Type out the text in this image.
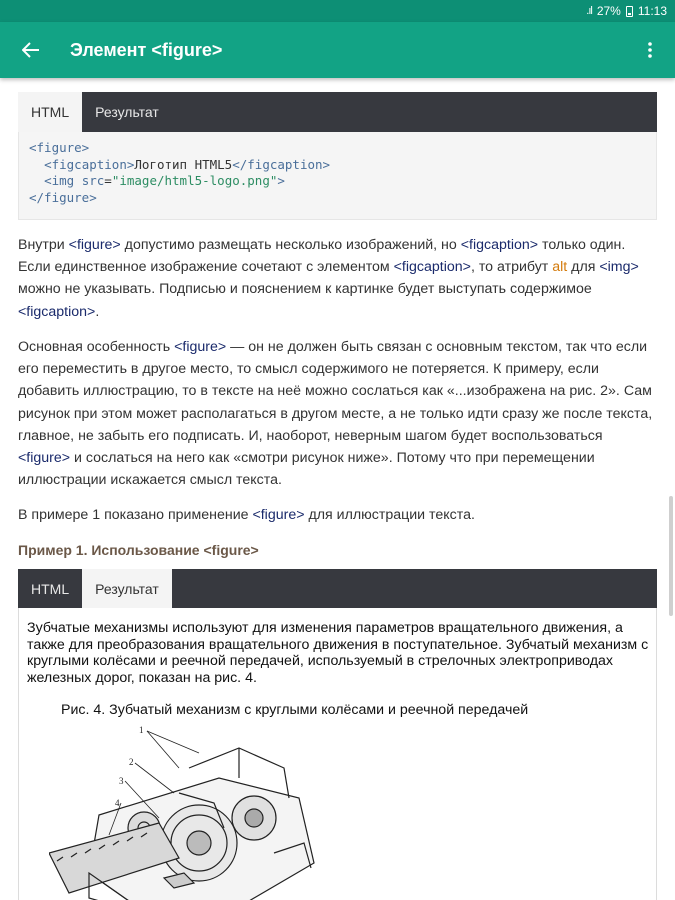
.ıl 27% 11:13
Элемент <figure>
HTML	Результат
<figure>
<figcaption>Логотип HTML5</figcaption>
<img src="image/html5-logo.png">
</figure>
Внутри <figure> допустимо размещать несколько изображений, но <figcaption> только один. Если единственное изображение сочетают с элементом <figcaption>, то атрибут alt для <img> можно не указывать. Подписью и пояснением к картинке будет выступать содержимое <figcaption>.
Основная особенность <figure> — он не должен быть связан с основным текстом, так что если его переместить в другое место, то смысл содержимого не потеряется. К примеру, если добавить иллюстрацию, то в тексте на неё можно сослаться как «...изображена на рис. 2». Сам рисунок при этом может располагаться в другом месте, а не только идти сразу же после текста, главное, не забыть его подписать. И, наоборот, неверным шагом будет воспользоваться <figure> и сослаться на него как «смотри рисунок ниже». Потому что при перемещении иллюстрации искажается смысл текста.
В примере 1 показано применение <figure> для иллюстрации текста.
Пример 1. Использование <figure>
HTML	Результат
Зубчатые механизмы используют для изменения параметров вращательного движения, а также для преобразования вращательного движения в поступательное. Зубчатый механизм с круглыми колёсами и реечной передачей, используемый в стрелочных электроприводах железных дорог, показан на рис. 4.
Рис. 4. Зубчатый механизм с круглыми колёсами и реечной передачей
1
2
3
4
